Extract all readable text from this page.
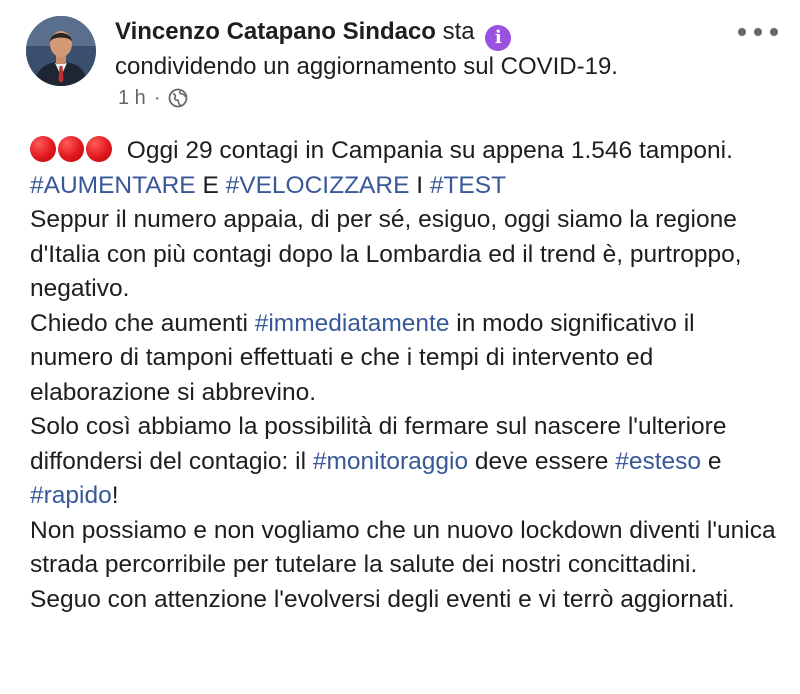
Vincenzo Catapano Sindaco sta i
condividendo un aggiornamento sul COVID-19.
1 h ·

Oggi 29 contagi in Campania su appena 1.546 tamponi. #AUMENTARE E #VELOCIZZARE I #TEST

Seppur il numero appaia, di per sé, esiguo, oggi siamo la regione d'Italia con più contagi dopo la Lombardia ed il trend è, purtroppo, negativo.

Chiedo che aumenti #immediatamente in modo significativo il numero di tamponi effettuati e che i tempi di intervento ed elaborazione si abbrevino.

Solo così abbiamo la possibilità di fermare sul nascere l'ulteriore diffondersi del contagio: il #monitoraggio deve essere #esteso e #rapido!

Non possiamo e non vogliamo che un nuovo lockdown diventi l'unica strada percorribile per tutelare la salute dei nostri concittadini.

Seguo con attenzione l'evolversi degli eventi e vi terrò aggiornati.
